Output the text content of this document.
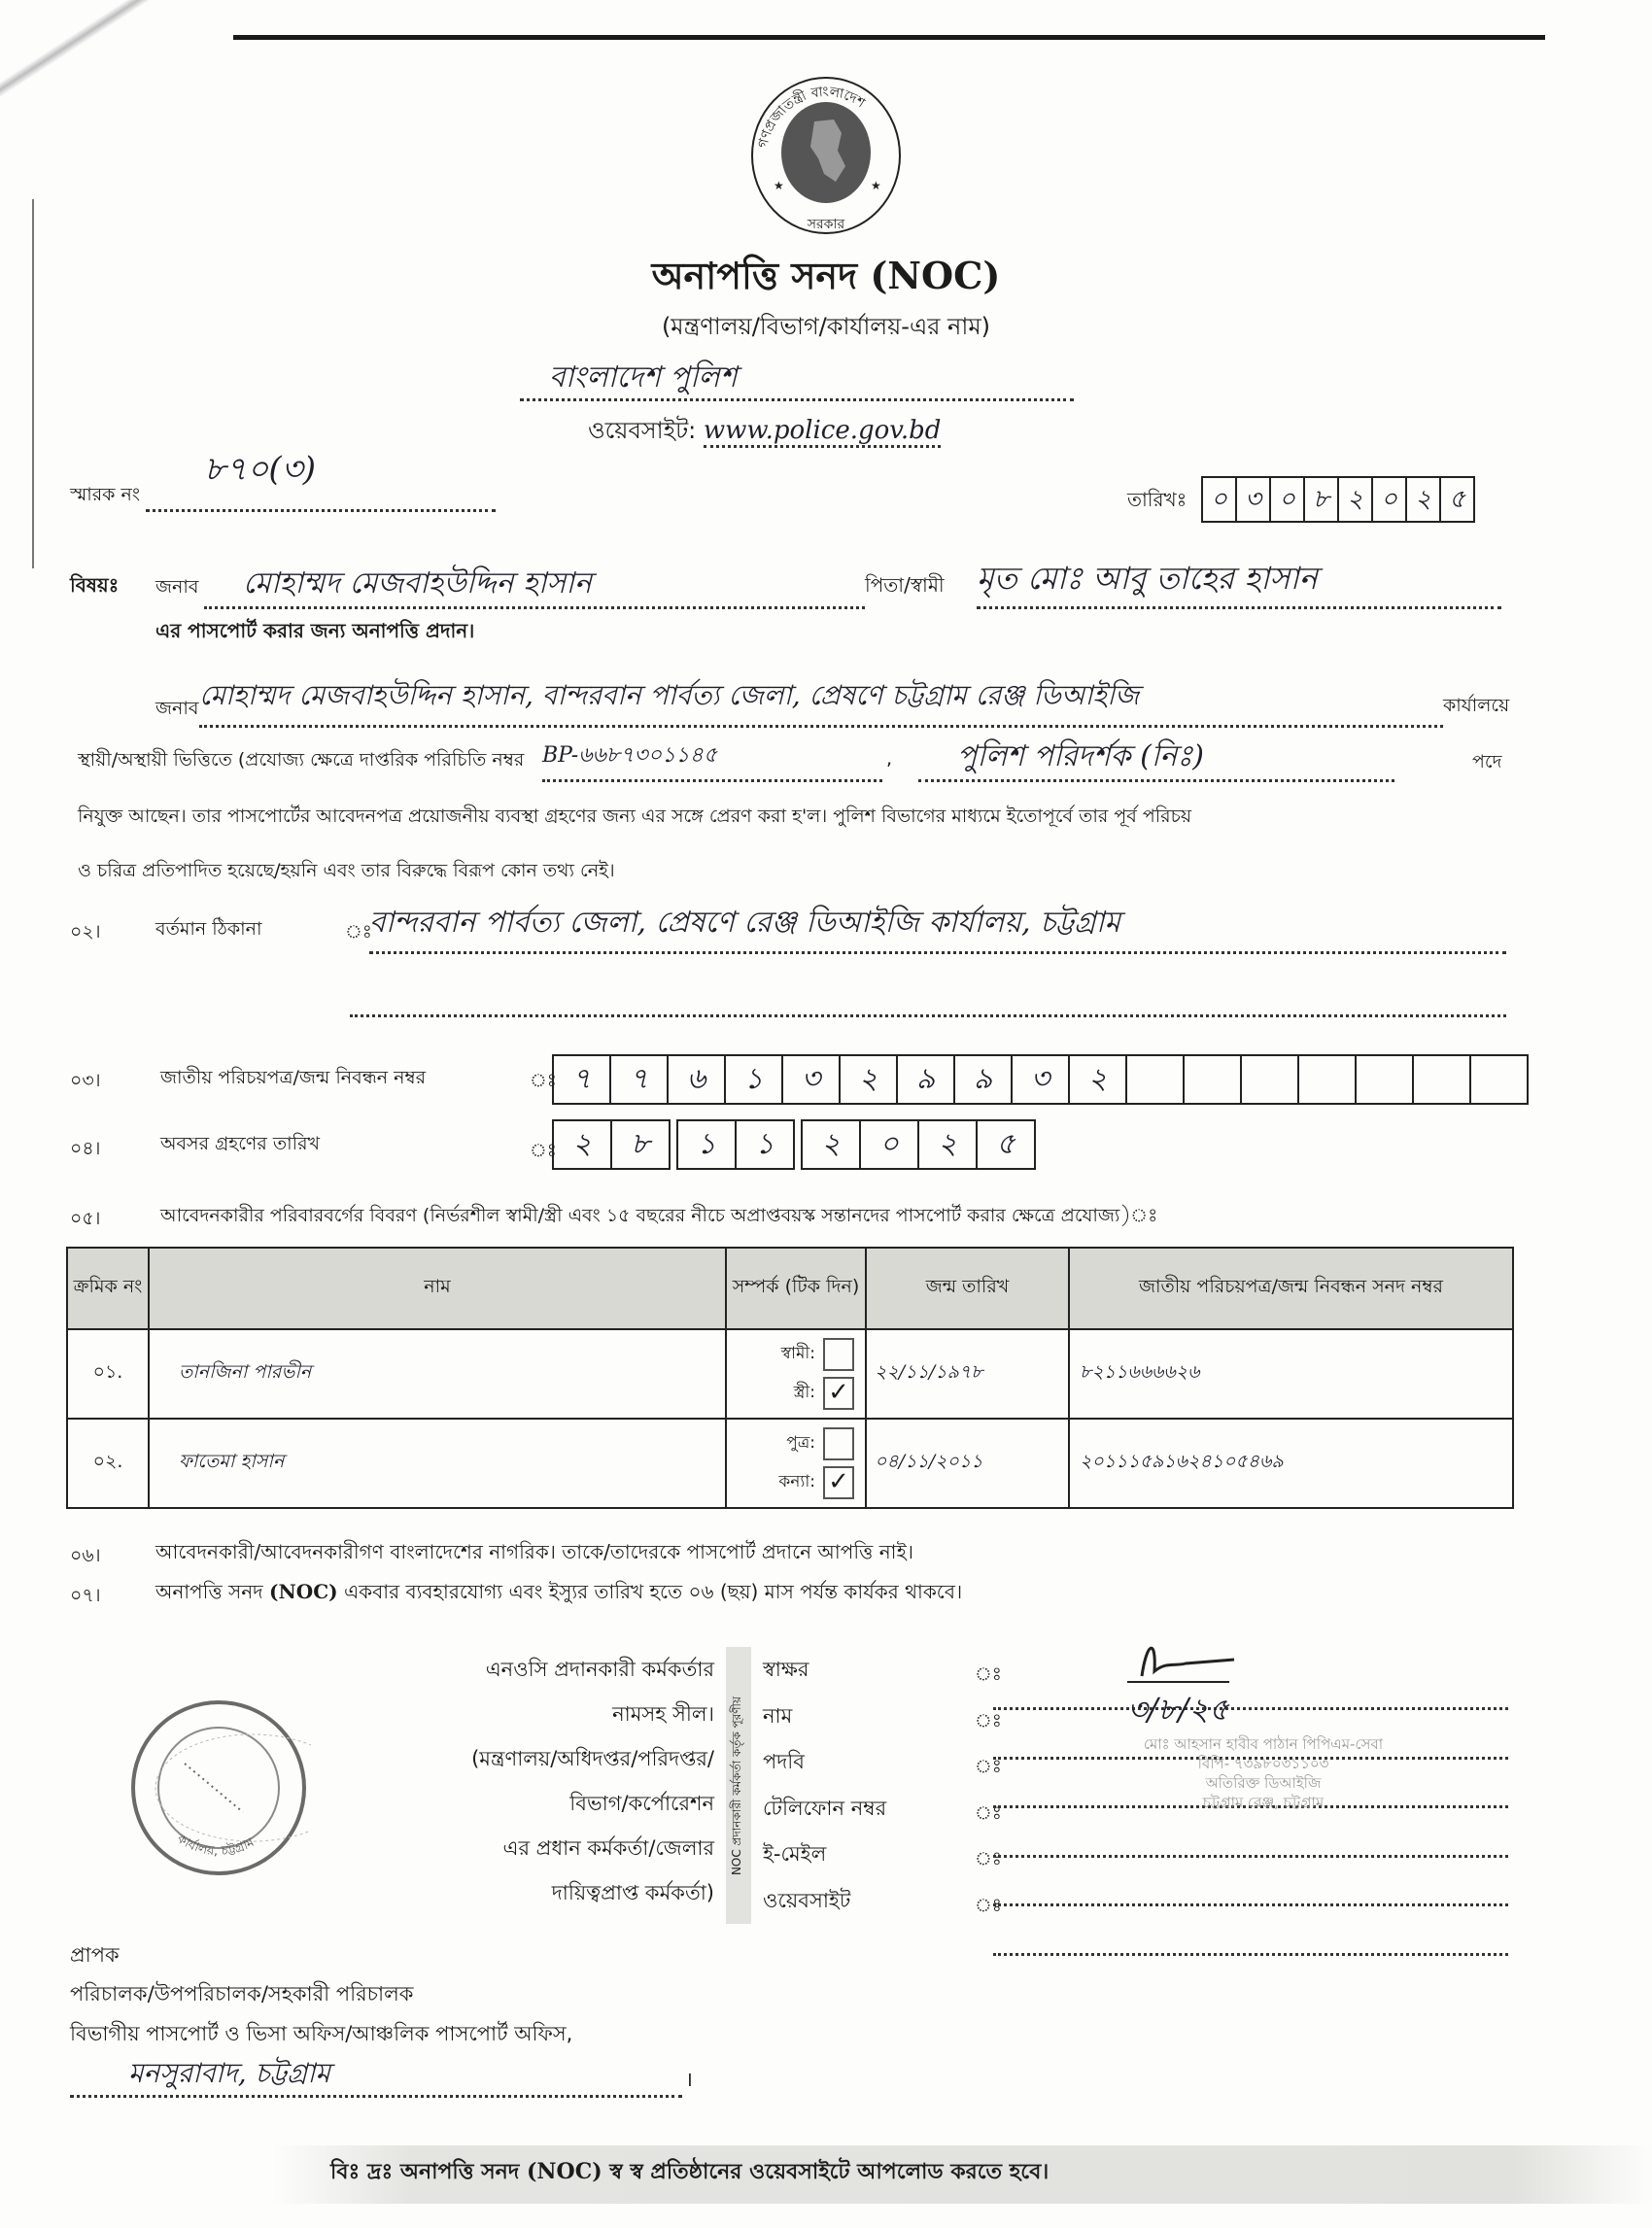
গণপ্রজাতন্ত্রী বাংলাদেশ
সরকার
★	★
অনাপত্তি সনদ (NOC)
(মন্ত্রণালয়/বিভাগ/কার্যালয়-এর নাম)
বাংলাদেশ পুলিশ
ওয়েবসাইট: www.police.gov.bd
স্মারক নং
৮৭০(৩)
তারিখঃ ০ ৩ ০ ৮ ২ ০ ২ ৫
বিষয়ঃ জনাব মোহাম্মদ মেজবাহউদ্দিন হাসান	পিতা/স্বামী মৃত মোঃ আবু তাহের হাসান
এর পাসপোর্ট করার জন্য অনাপত্তি প্রদান।
জনাব মোহাম্মদ মেজবাহউদ্দিন হাসান, বান্দরবান পার্বত্য জেলা, প্রেষণে চট্টগ্রাম রেঞ্জ ডিআইজি	কার্যালয়ে
স্থায়ী/অস্থায়ী ভিত্তিতে (প্রযোজ্য ক্ষেত্রে দাপ্তরিক পরিচিতি নম্বর BP-৬৬৮৭৩০১১৪৫	, পুলিশ পরিদর্শক (নিঃ)	পদে
নিযুক্ত আছেন। তার পাসপোর্টের আবেদনপত্র প্রয়োজনীয় ব্যবস্থা গ্রহণের জন্য এর সঙ্গে প্রেরণ করা হ'ল। পুলিশ বিভাগের মাধ্যমে ইতোপূর্বে তার পূর্ব পরিচয়
ও চরিত্র প্রতিপাদিত হয়েছে/হয়নি এবং তার বিরুদ্ধে বিরূপ কোন তথ্য নেই।
০২।	বর্তমান ঠিকানা	ঃ
বান্দরবান পার্বত্য জেলা, প্রেষণে রেঞ্জ ডিআইজি কার্যালয়, চট্টগ্রাম
০৩।	জাতীয় পরিচয়পত্র/জন্ম নিবন্ধন নম্বর	ঃ ৭	৭	৬	১	৩	২	৯	৯	৩	২
০৪।	অবসর গ্রহণের তারিখ	ঃ ২	৮	১	১	২	০	২	৫
০৫।	আবেদনকারীর পরিবারবর্গের বিবরণ (নির্ভরশীল স্বামী/স্ত্রী এবং ১৫ বছরের নীচে অপ্রাপ্তবয়স্ক সন্তানদের পাসপোর্ট করার ক্ষেত্রে প্রযোজ্য)ঃ
ক্রমিক নং	নাম	সম্পর্ক (টিক দিন)	জন্ম তারিখ	জাতীয় পরিচয়পত্র/জন্ম নিবন্ধন সনদ নম্বর
০১.	তানজিনা পারভীন	স্বামী:
স্ত্রী: ✓	২২/১১/১৯৭৮	৮২১১৬৬৬৬২৬
০২.	ফাতেমা হাসান	পুত্র:
কন্যা: ✓	০৪/১১/২০১১	২০১১১৫৯১৬২৪১০৫৪৬৯
০৬।	আবেদনকারী/আবেদনকারীগণ বাংলাদেশের নাগরিক। তাকে/তাদেরকে পাসপোর্ট প্রদানে আপত্তি নাই।
০৭।	অনাপত্তি সনদ (NOC) একবার ব্যবহারযোগ্য এবং ইস্যুর তারিখ হতে ০৬ (ছয়) মাস পর্যন্ত কার্যকর থাকবে।
কার্যালয়, চট্টগ্রাম
এনওসি প্রদানকারী কর্মকর্তার
নামসহ সীল।
(মন্ত্রণালয়/অধিদপ্তর/পরিদপ্তর/
বিভাগ/কর্পোরেশন
এর প্রধান কর্মকর্তা/জেলার
দায়িত্বপ্রাপ্ত কর্মকর্তা)
NOC প্রদানকারী কর্মকর্তা কর্তৃক পূরণীয়
স্বাক্ষর
নাম
পদবি
টেলিফোন নম্বর
ই-মেইল
ওয়েবসাইট
ঃ
ঃ
ঃ
ঃ
ঃ
ঃ
৩/৮/২৫
মোঃ আহসান হাবীব পাঠান পিপিএম-সেবা
বিপি- ৭৩৯৮০৩১১০৩
অতিরিক্ত ডিআইজি
চট্টগ্রাম রেঞ্জ, চট্টগ্রাম
প্রাপক
পরিচালক/উপপরিচালক/সহকারী পরিচালক
বিভাগীয় পাসপোর্ট ও ভিসা অফিস/আঞ্চলিক পাসপোর্ট অফিস,
মনসুরাবাদ, চট্টগ্রাম	।
বিঃ দ্রঃ অনাপত্তি সনদ (NOC) স্ব স্ব প্রতিষ্ঠানের ওয়েবসাইটে আপলোড করতে হবে।
